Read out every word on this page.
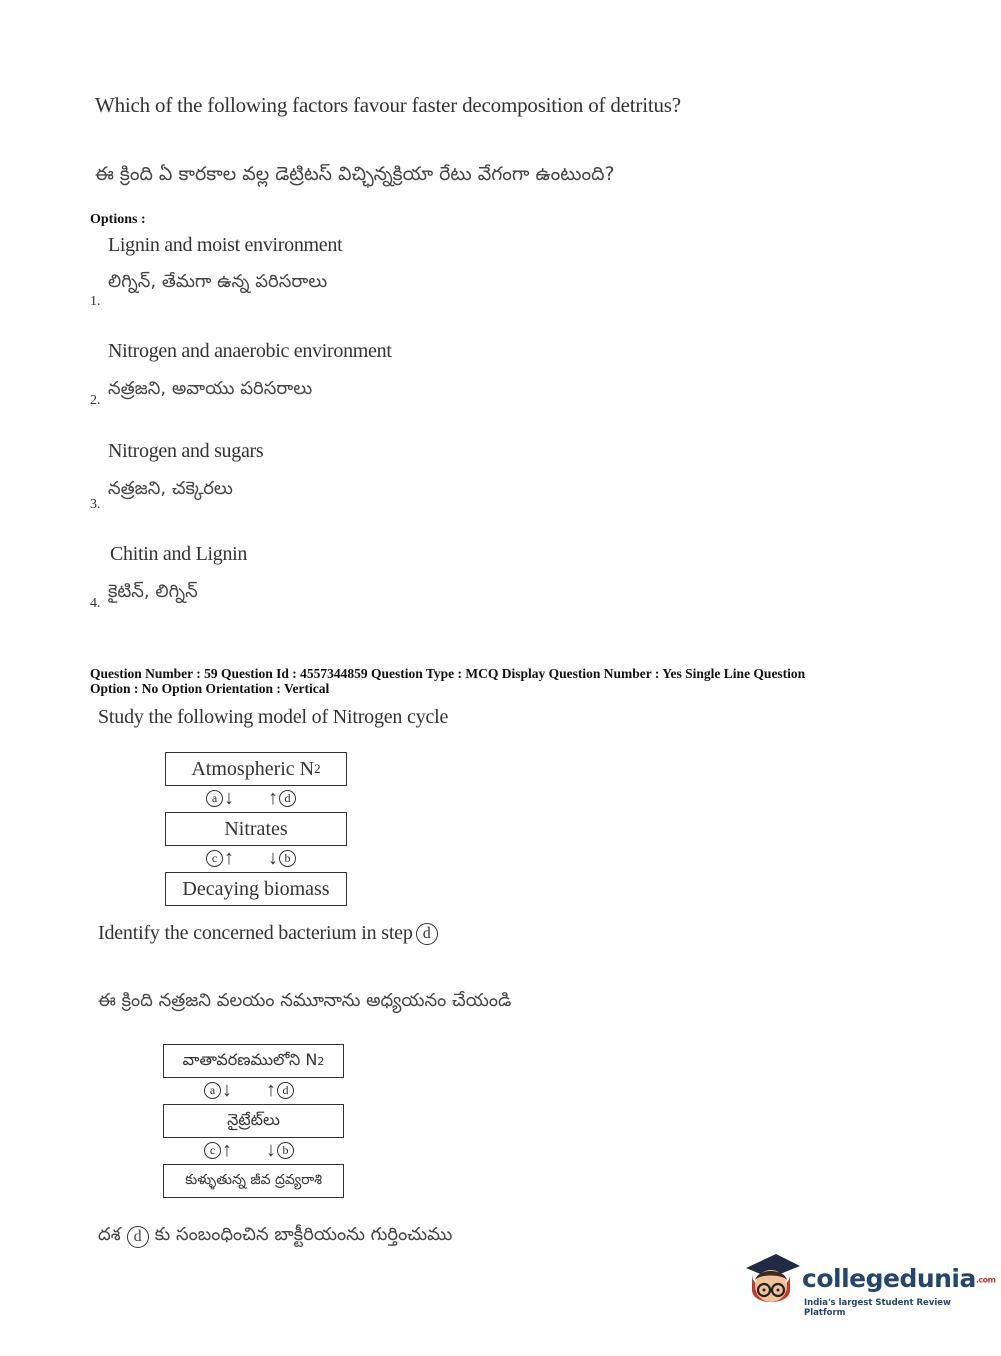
Which of the following factors favour faster decomposition of detritus?
ఈ క్రింది ఏ కారకాల వల్ల డెట్రిటస్ విచ్ఛిన్నక్రియా రేటు వేగంగా ఉంటుంది?
Options :
Lignin and moist environment
లిగ్నిన్, తేమగా ఉన్న పరిసరాలు
1.
Nitrogen and anaerobic environment
నత్రజని, అవాయు పరిసరాలు
2.
Nitrogen and sugars
నత్రజని, చక్కెరలు
3.
Chitin and Lignin
కైటిన్, లిగ్నిన్
4.
Question Number : 59 Question Id : 4557344859 Question Type : MCQ Display Question Number : Yes Single Line Question
Option : No Option Orientation : Vertical
Study the following model of Nitrogen cycle
Atmospheric N 2
a ↓ ↑ d
Nitrates
c ↑ ↓ b
Decaying biomass
Identify the concerned bacterium in step d
ఈ క్రింది నత్రజని వలయం నమూనాను అధ్యయనం చేయండి
వాతావరణములోని N 2
a ↓ ↑ d
నైట్రేట్‌లు
c ↑ ↓ b
కుళ్ళుతున్న జీవ ద్రవ్యరాశి
దశ d కు సంబంధించిన బాక్టీరియంను గుర్తించుము
collegedunia.com
India's largest Student Review Platform
